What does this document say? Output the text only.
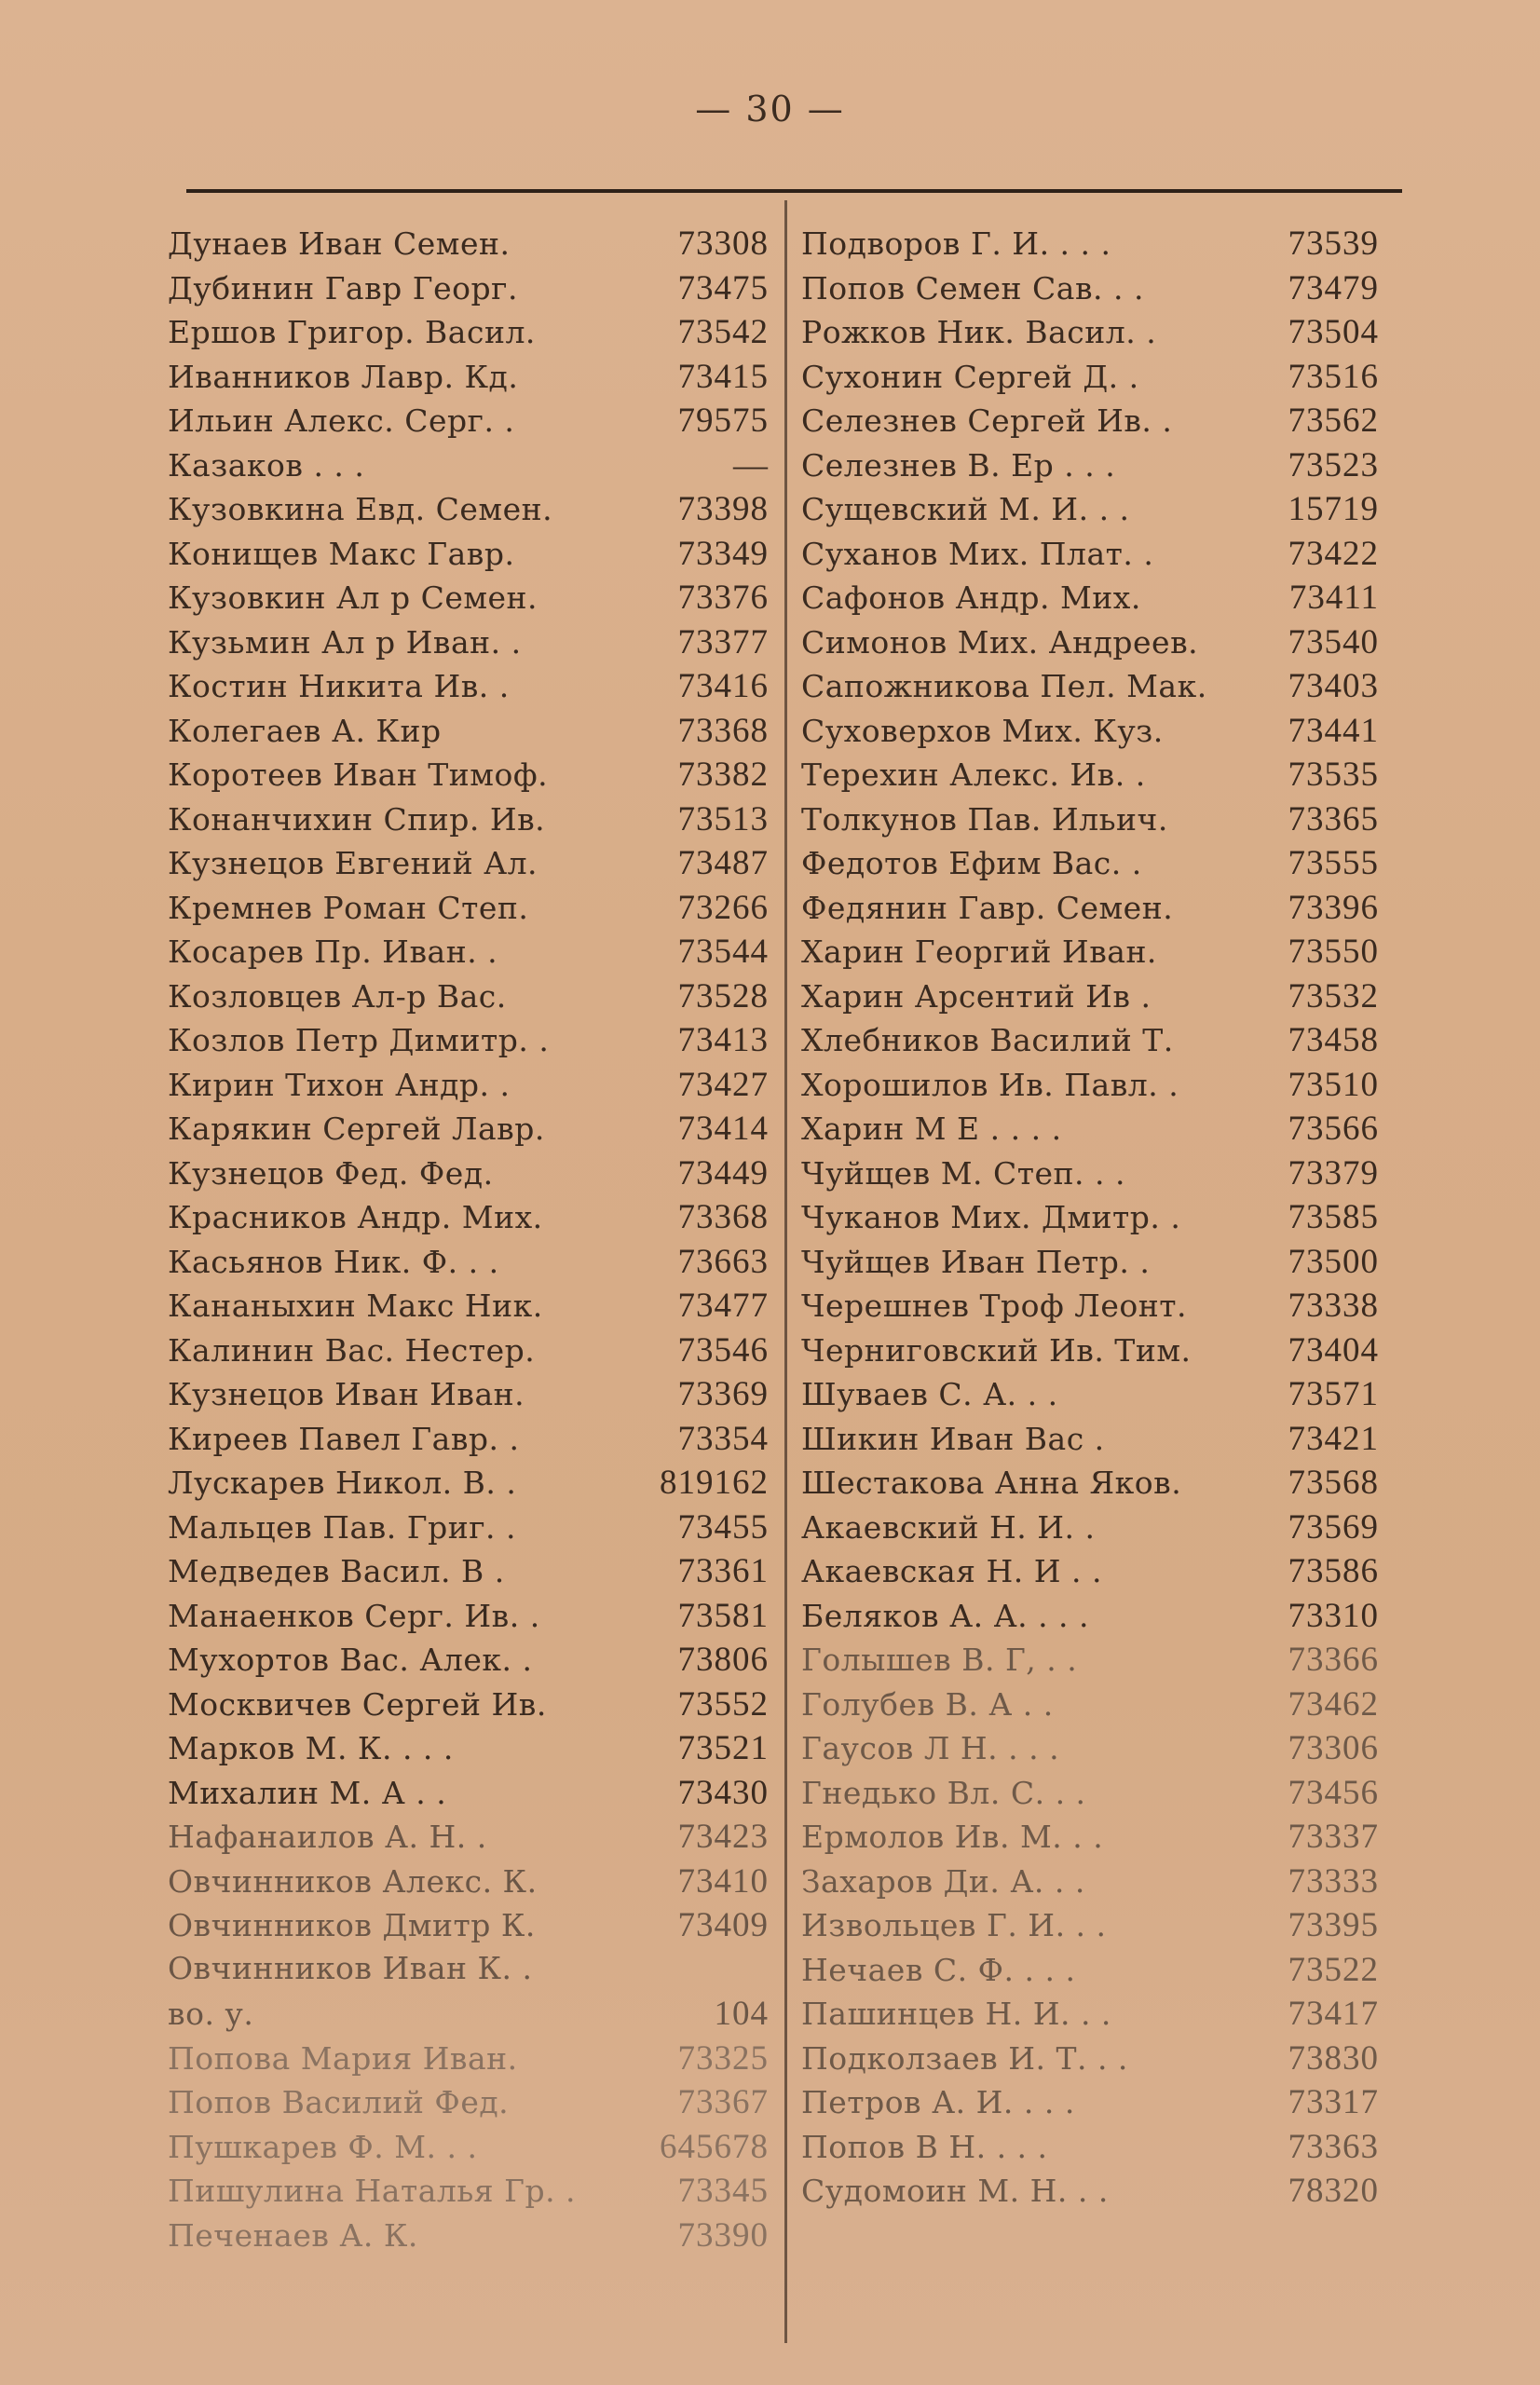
— 30 —
Дунаев Иван Семен.	73308
Дубинин Гавр Георг.	73475
Ершов Григор. Васил.	73542
Иванников Лавр. Кд.	73415
Ильин Алекс. Серг. .	79575
Казаков . . .	—
Кузовкина Евд. Семен.	73398
Конищев Макс Гавр.	73349
Кузовкин Ал р Семен.	73376
Кузьмин Ал р Иван. .	73377
Костин Никита Ив. .	73416
Колегаев А. Кир	73368
Коротеев Иван Тимоф.	73382
Конанчихин Спир. Ив.	73513
Кузнецов Евгений Ал.	73487
Кремнев Роман Степ.	73266
Косарев Пр. Иван. .	73544
Козловцев Ал-р Вас.	73528
Козлов Петр Димитр. .	73413
Кирин Тихон Андр. .	73427
Карякин Сергей Лавр.	73414
Кузнецов Фед. Фед.	73449
Красников Андр. Мих.	73368
Касьянов Ник. Ф. . .	73663
Кананыхин Макс Ник.	73477
Калинин Вас. Нестер.	73546
Кузнецов Иван Иван.	73369
Киреев Павел Гавр. .	73354
Лускарев Никол. В. .	819162
Мальцев Пав. Григ. .	73455
Медведев Васил. В .	73361
Манаенков Серг. Ив. .	73581
Мухортов Вас. Алек. .	73806
Москвичев Сергей Ив.	73552
Марков М. К. . . .	73521
Михалин М. А . .	73430
Нафанаилов А. Н. .	73423
Овчинников Алекс. К.	73410
Овчинников Дмитр К.	73409
Овчинников Иван К. .
во. у.	104
Попова Мария Иван.	73325
Попов Василий Фед.	73367
Пушкарев Ф. М. . .	645678
Пишулина Наталья Гр. .	73345
Печенаев А. К.	73390
Подворов Г. И. . . .	73539
Попов Семен Сав. . .	73479
Рожков Ник. Васил. .	73504
Сухонин Сергей Д. .	73516
Селезнев Сергей Ив. .	73562
Селезнев В. Ер . . .	73523
Сущевский М. И. . .	15719
Суханов Мих. Плат. .	73422
Сафонов Андр. Мих.	73411
Симонов Мих. Андреев.	73540
Сапожникова Пел. Мак. 73403
Суховерхов Мих. Куз.	73441
Терехин Алекс. Ив. .	73535
Толкунов Пав. Ильич.	73365
Федотов Ефим Вас. .	73555
Федянин Гавр. Семен.	73396
Харин Георгий Иван.	73550
Харин Арсентий Ив .	73532
Хлебников Василий Т.	73458
Хорошилов Ив. Павл. .	73510
Харин М Е . . . .	73566
Чуйщев М. Степ. . .	73379
Чуканов Мих. Дмитр. .	73585
Чуйщев Иван Петр. .	73500
Черешнев Троф Леонт.	73338
Черниговский Ив. Тим.	73404
Шуваев С. А. . .	73571
Шикин Иван Вас .	73421
Шестакова Анна Яков.	73568
Акаевский Н. И. .	73569
Акаевская Н. И . .	73586
Беляков А. А. . . .	73310
Голышев В. Г, . .	73366
Голубев В. А . .	73462
Гаусов Л Н. . . .	73306
Гнедько Вл. С. . .	73456
Ермолов Ив. М. . .	73337
Захаров Ди. А. . .	73333
Извольцев Г. И. . .	73395
Нечаев С. Ф. . . .	73522
Пашинцев Н. И. . .	73417
Подколзаев И. Т. . .	73830
Петров А. И. . . .	73317
Попов В Н. . . .	73363
Судомоин М. Н. . .	78320
